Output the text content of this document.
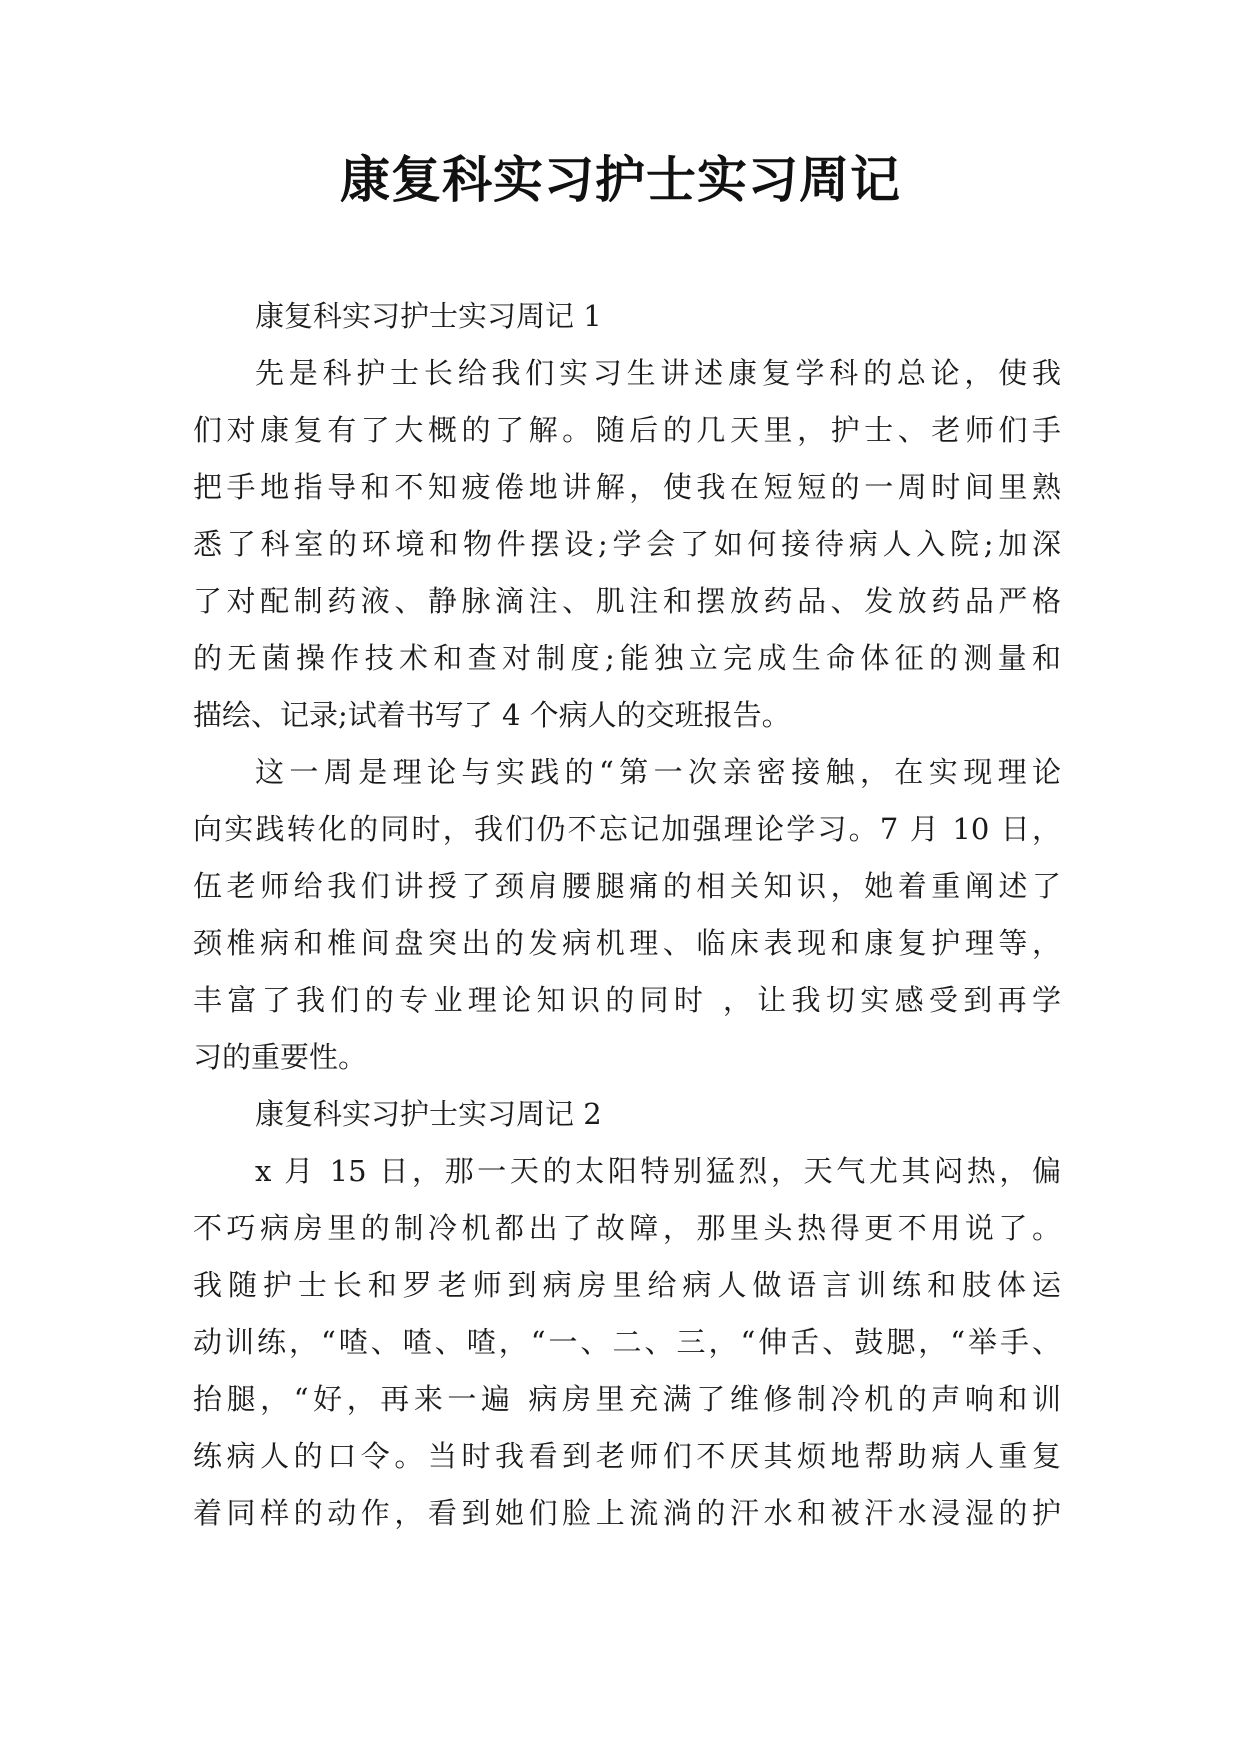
康复科实习护士实习周记
康复科实习护士实习周记 1
先是科护士长给我们实习生讲述康复学科的总论，使我
们对康复有了大概的了解。随后的几天里，护士、老师们手
把手地指导和不知疲倦地讲解，使我在短短的一周时间里熟
悉了科室的环境和物件摆设;学会了如何接待病人入院;加深
了对配制药液、静脉滴注、肌注和摆放药品、发放药品严格
的无菌操作技术和查对制度;能独立完成生命体征的测量和
描绘、记录;试着书写了 4 个病人的交班报告。
这一周是理论与实践的“第一次亲密接触，在实现理论
向实践转化的同时，我们仍不忘记加强理论学习。7 月 10 日，
伍老师给我们讲授了颈肩腰腿痛的相关知识，她着重阐述了
颈椎病和椎间盘突出的发病机理、临床表现和康复护理等，
丰富了我们的专业理论知识的同时 ，让我切实感受到再学
习的重要性。
康复科实习护士实习周记 2
x 月 15 日，那一天的太阳特别猛烈，天气尤其闷热，偏
不巧病房里的制冷机都出了故障，那里头热得更不用说了。
我随护士长和罗老师到病房里给病人做语言训练和肢体运
动训练，“喳、喳、喳，“一、二、三，“伸舌、鼓腮，“举手、
抬腿，“好，再来一遍 病房里充满了维修制冷机的声响和训
练病人的口令。当时我看到老师们不厌其烦地帮助病人重复
着同样的动作，看到她们脸上流淌的汗水和被汗水浸湿的护
